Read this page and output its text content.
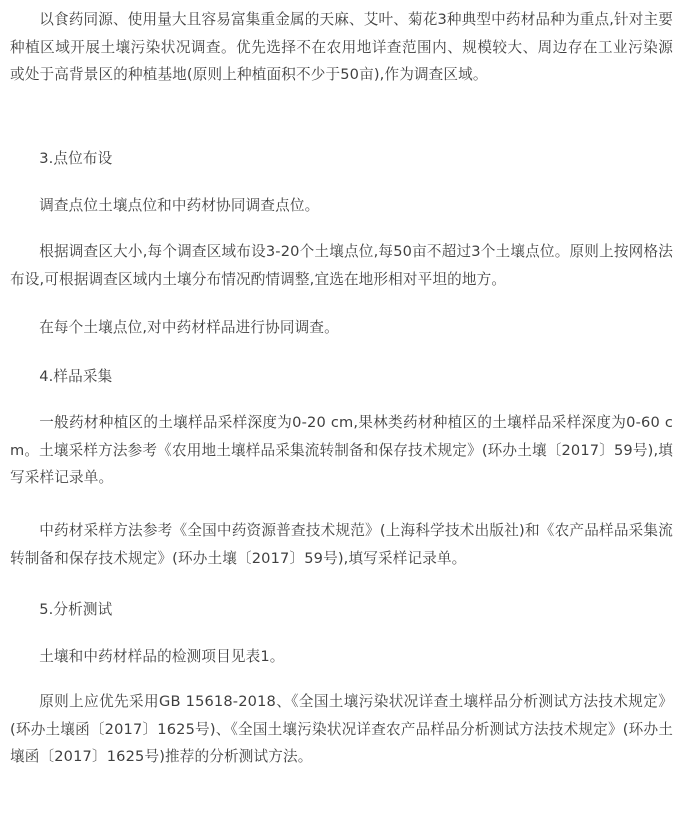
以食药同源、使用量大且容易富集重金属的天麻、艾叶、菊花3种典型中药材品种为重点,针对主要种植区域开展土壤污染状况调查。优先选择不在农用地详查范围内、规模较大、周边存在工业污染源或处于高背景区的种植基地(原则上种植面积不少于50亩),作为调查区域。

3.点位布设

调查点位土壤点位和中药材协同调查点位。

根据调查区大小,每个调查区域布设3-20个土壤点位,每50亩不超过3个土壤点位。原则上按网格法布设,可根据调查区域内土壤分布情况酌情调整,宜选在地形相对平坦的地方。

在每个土壤点位,对中药材样品进行协同调查。

4.样品采集

一般药材种植区的土壤样品采样深度为0-20 cm,果林类药材种植区的土壤样品采样深度为0-60 cm。土壤采样方法参考《农用地土壤样品采集流转制备和保存技术规定》(环办土壤〔2017〕59号),填写采样记录单。

中药材采样方法参考《全国中药资源普查技术规范》(上海科学技术出版社)和《农产品样品采集流转制备和保存技术规定》(环办土壤〔2017〕59号),填写采样记录单。

5.分析测试

土壤和中药材样品的检测项目见表1。

原则上应优先采用GB 15618-2018、《全国土壤污染状况详查土壤样品分析测试方法技术规定》(环办土壤函〔2017〕1625号)、《全国土壤污染状况详查农产品样品分析测试方法技术规定》(环办土壤函〔2017〕1625号)推荐的分析测试方法。
